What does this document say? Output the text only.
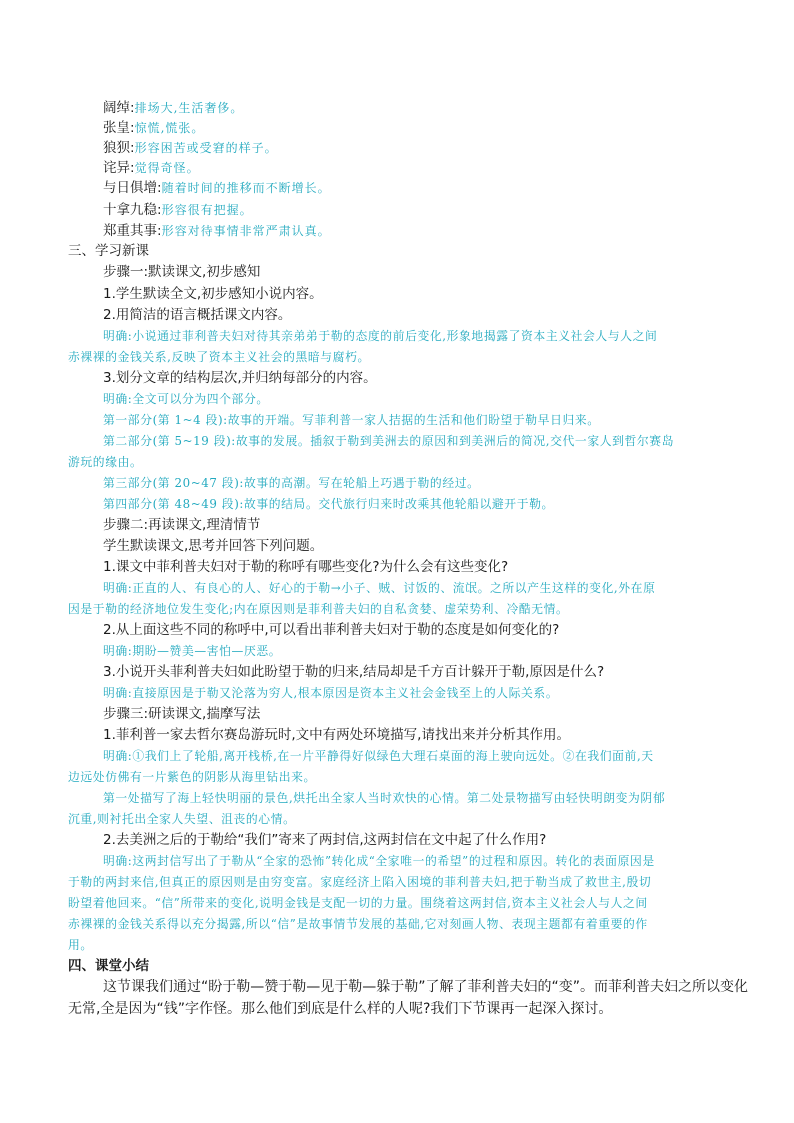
阔绰:排场大,生活奢侈。
张皇:惊慌,慌张。
狼狈:形容困苦或受窘的样子。
诧异:觉得奇怪。
与日俱增:随着时间的推移而不断增长。
十拿九稳:形容很有把握。
郑重其事:形容对待事情非常严肃认真。
三、学习新课
步骤一:默读课文,初步感知
1.学生默读全文,初步感知小说内容。
2.用简洁的语言概括课文内容。
明确:小说通过菲利普夫妇对待其亲弟弟于勒的态度的前后变化,形象地揭露了资本主义社会人与人之间
赤裸裸的金钱关系,反映了资本主义社会的黑暗与腐朽。
3.划分文章的结构层次,并归纳每部分的内容。
明确:全文可以分为四个部分。
第一部分(第 1~4 段):故事的开端。写菲利普一家人拮据的生活和他们盼望于勒早日归来。
第二部分(第 5~19 段):故事的发展。插叙于勒到美洲去的原因和到美洲后的简况,交代一家人到哲尔赛岛
游玩的缘由。
第三部分(第 20~47 段):故事的高潮。写在轮船上巧遇于勒的经过。
第四部分(第 48~49 段):故事的结局。交代旅行归来时改乘其他轮船以避开于勒。
步骤二:再读课文,理清情节
学生默读课文,思考并回答下列问题。
1.课文中菲利普夫妇对于勒的称呼有哪些变化?为什么会有这些变化?
明确:正直的人、有良心的人、好心的于勒→小子、贼、讨饭的、流氓。之所以产生这样的变化,外在原
因是于勒的经济地位发生变化;内在原因则是菲利普夫妇的自私贪婪、虚荣势利、冷酷无情。
2.从上面这些不同的称呼中,可以看出菲利普夫妇对于勒的态度是如何变化的?
明确:期盼—赞美—害怕—厌恶。
3.小说开头菲利普夫妇如此盼望于勒的归来,结局却是千方百计躲开于勒,原因是什么?
明确:直接原因是于勒又沦落为穷人,根本原因是资本主义社会金钱至上的人际关系。
步骤三:研读课文,揣摩写法
1.菲利普一家去哲尔赛岛游玩时,文中有两处环境描写,请找出来并分析其作用。
明确:①我们上了轮船,离开栈桥,在一片平静得好似绿色大理石桌面的海上驶向远处。②在我们面前,天
边远处仿佛有一片紫色的阴影从海里钻出来。
第一处描写了海上轻快明丽的景色,烘托出全家人当时欢快的心情。第二处景物描写由轻快明朗变为阴郁
沉重,则衬托出全家人失望、沮丧的心情。
2.去美洲之后的于勒给“我们”寄来了两封信,这两封信在文中起了什么作用?
明确:这两封信写出了于勒从“全家的恐怖”转化成“全家唯一的希望”的过程和原因。转化的表面原因是
于勒的两封来信,但真正的原因则是由穷变富。家庭经济上陷入困境的菲利普夫妇,把于勒当成了救世主,殷切
盼望着他回来。“信”所带来的变化,说明金钱是支配一切的力量。围绕着这两封信,资本主义社会人与人之间
赤裸裸的金钱关系得以充分揭露,所以“信”是故事情节发展的基础,它对刻画人物、表现主题都有着重要的作
用。
四、课堂小结
这节课我们通过“盼于勒—赞于勒—见于勒—躲于勒”了解了菲利普夫妇的“变”。而菲利普夫妇之所以变化
无常,全是因为“钱”字作怪。那么他们到底是什么样的人呢?我们下节课再一起深入探讨。
